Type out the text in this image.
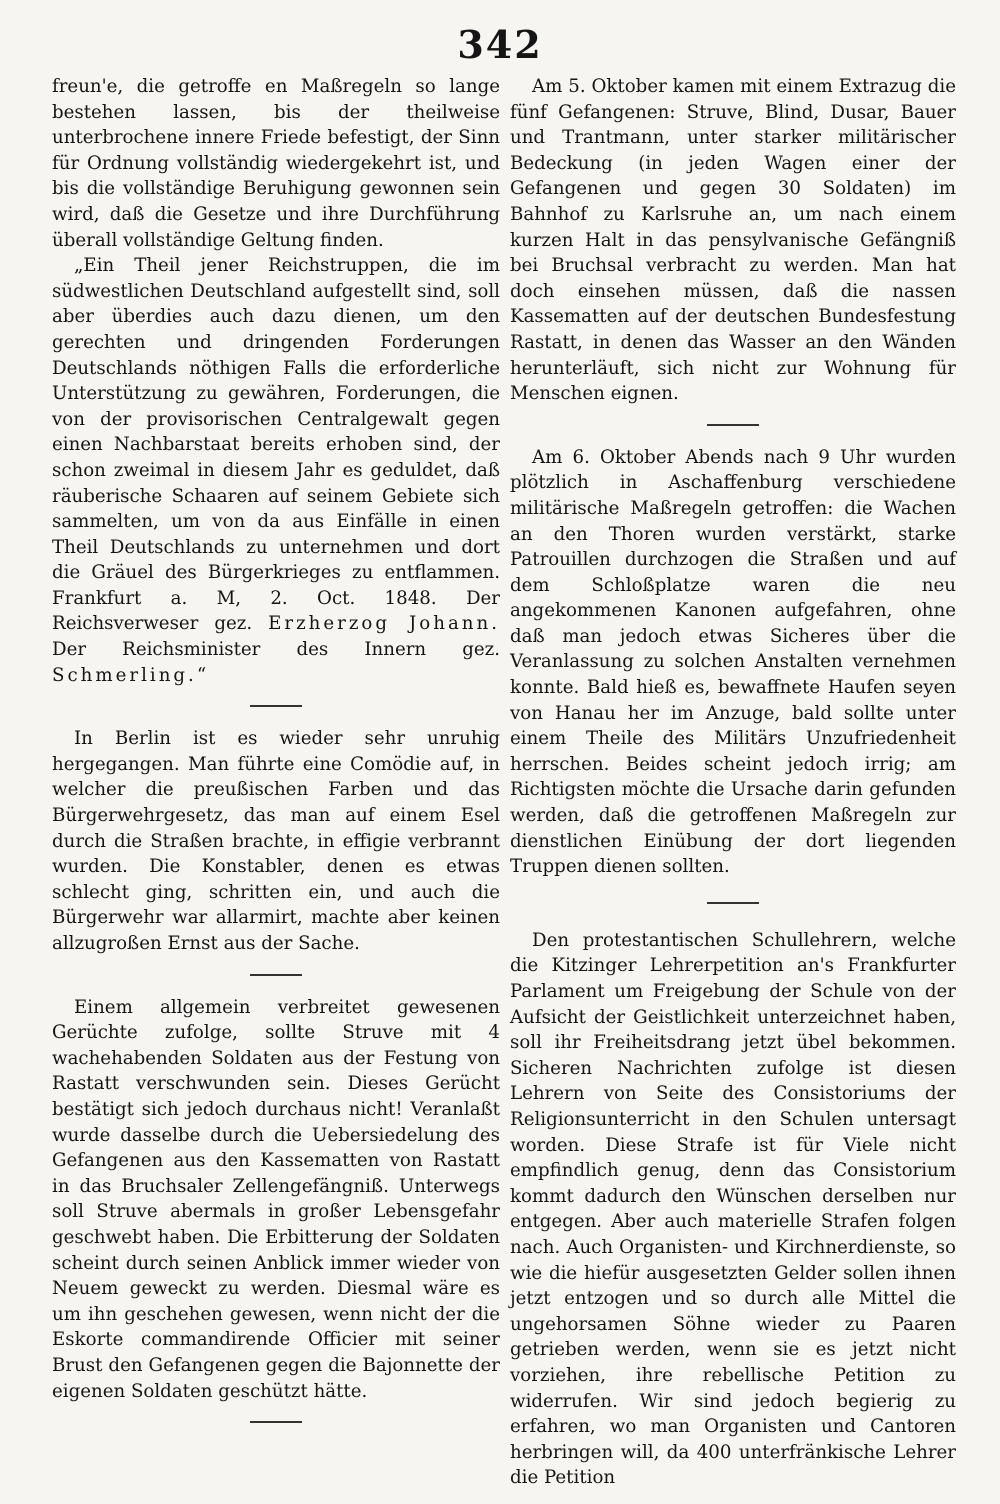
342

freun'e, die getroffe en Maßregeln so lange bestehen lassen, bis der theilweise unterbrochene innere Friede befestigt, der Sinn für Ordnung vollständig wiedergekehrt ist, und bis die vollständige Beruhigung gewonnen sein wird, daß die Gesetze und ihre Durchführung überall vollständige Geltung finden.

„Ein Theil jener Reichstruppen, die im südwestlichen Deutschland aufgestellt sind, soll aber überdies auch dazu dienen, um den gerechten und dringenden Forderungen Deutschlands nöthigen Falls die erforderliche Unterstützung zu gewähren, Forderungen, die von der provisorischen Centralgewalt gegen einen Nachbarstaat bereits erhoben sind, der schon zweimal in diesem Jahr es geduldet, daß räuberische Schaaren auf seinem Gebiete sich sammelten, um von da aus Einfälle in einen Theil Deutschlands zu unternehmen und dort die Gräuel des Bürgerkrieges zu entflammen. Frankfurt a. M, 2. Oct. 1848. Der Reichsverweser gez. Erzherzog Johann. Der Reichsminister des Innern gez. Schmerling.“

In Berlin ist es wieder sehr unruhig hergegangen. Man führte eine Comödie auf, in welcher die preußischen Farben und das Bürgerwehrgesetz, das man auf einem Esel durch die Straßen brachte, in effigie verbrannt wurden. Die Konstabler, denen es etwas schlecht ging, schritten ein, und auch die Bürgerwehr war allarmirt, machte aber keinen allzugroßen Ernst aus der Sache.

Einem allgemein verbreitet gewesenen Gerüchte zufolge, sollte Struve mit 4 wachehabenden Soldaten aus der Festung von Rastatt verschwunden sein. Dieses Gerücht bestätigt sich jedoch durchaus nicht! Veranlaßt wurde dasselbe durch die Uebersiedelung des Gefangenen aus den Kassematten von Rastatt in das Bruchsaler Zellengefängniß. Unterwegs soll Struve abermals in großer Lebensgefahr geschwebt haben. Die Erbitterung der Soldaten scheint durch seinen Anblick immer wieder von Neuem geweckt zu werden. Diesmal wäre es um ihn geschehen gewesen, wenn nicht der die Eskorte commandirende Officier mit seiner Brust den Gefangenen gegen die Bajonnette der eigenen Soldaten geschützt hätte.

Am 5. Oktober kamen mit einem Extrazug die fünf Gefangenen: Struve, Blind, Dusar, Bauer und Trantmann, unter starker militärischer Bedeckung (in jeden Wagen einer der Gefangenen und gegen 30 Soldaten) im Bahnhof zu Karlsruhe an, um nach einem kurzen Halt in das pensylvanische Gefängniß bei Bruchsal verbracht zu werden. Man hat doch einsehen müssen, daß die nassen Kassematten auf der deutschen Bundesfestung Rastatt, in denen das Wasser an den Wänden herunterläuft, sich nicht zur Wohnung für Menschen eignen.

Am 6. Oktober Abends nach 9 Uhr wurden plötzlich in Aschaffenburg verschiedene militärische Maßregeln getroffen: die Wachen an den Thoren wurden verstärkt, starke Patrouillen durchzogen die Straßen und auf dem Schloßplatze waren die neu angekommenen Kanonen aufgefahren, ohne daß man jedoch etwas Sicheres über die Veranlassung zu solchen Anstalten vernehmen konnte. Bald hieß es, bewaffnete Haufen seyen von Hanau her im Anzuge, bald sollte unter einem Theile des Militärs Unzufriedenheit herrschen. Beides scheint jedoch irrig; am Richtigsten möchte die Ursache darin gefunden werden, daß die getroffenen Maßregeln zur dienstlichen Einübung der dort liegenden Truppen dienen sollten.

Den protestantischen Schullehrern, welche die Kitzinger Lehrerpetition an's Frankfurter Parlament um Freigebung der Schule von der Aufsicht der Geistlichkeit unterzeichnet haben, soll ihr Freiheitsdrang jetzt übel bekommen. Sicheren Nachrichten zufolge ist diesen Lehrern von Seite des Consistoriums der Religionsunterricht in den Schulen untersagt worden. Diese Strafe ist für Viele nicht empfindlich genug, denn das Consistorium kommt dadurch den Wünschen derselben nur entgegen. Aber auch materielle Strafen folgen nach. Auch Organisten- und Kirchnerdienste, so wie die hiefür ausgesetzten Gelder sollen ihnen jetzt entzogen und so durch alle Mittel die ungehorsamen Söhne wieder zu Paaren getrieben werden, wenn sie es jetzt nicht vorziehen, ihre rebellische Petition zu widerrufen. Wir sind jedoch begierig zu erfahren, wo man Organisten und Cantoren herbringen will, da 400 unterfränkische Lehrer die Petition
